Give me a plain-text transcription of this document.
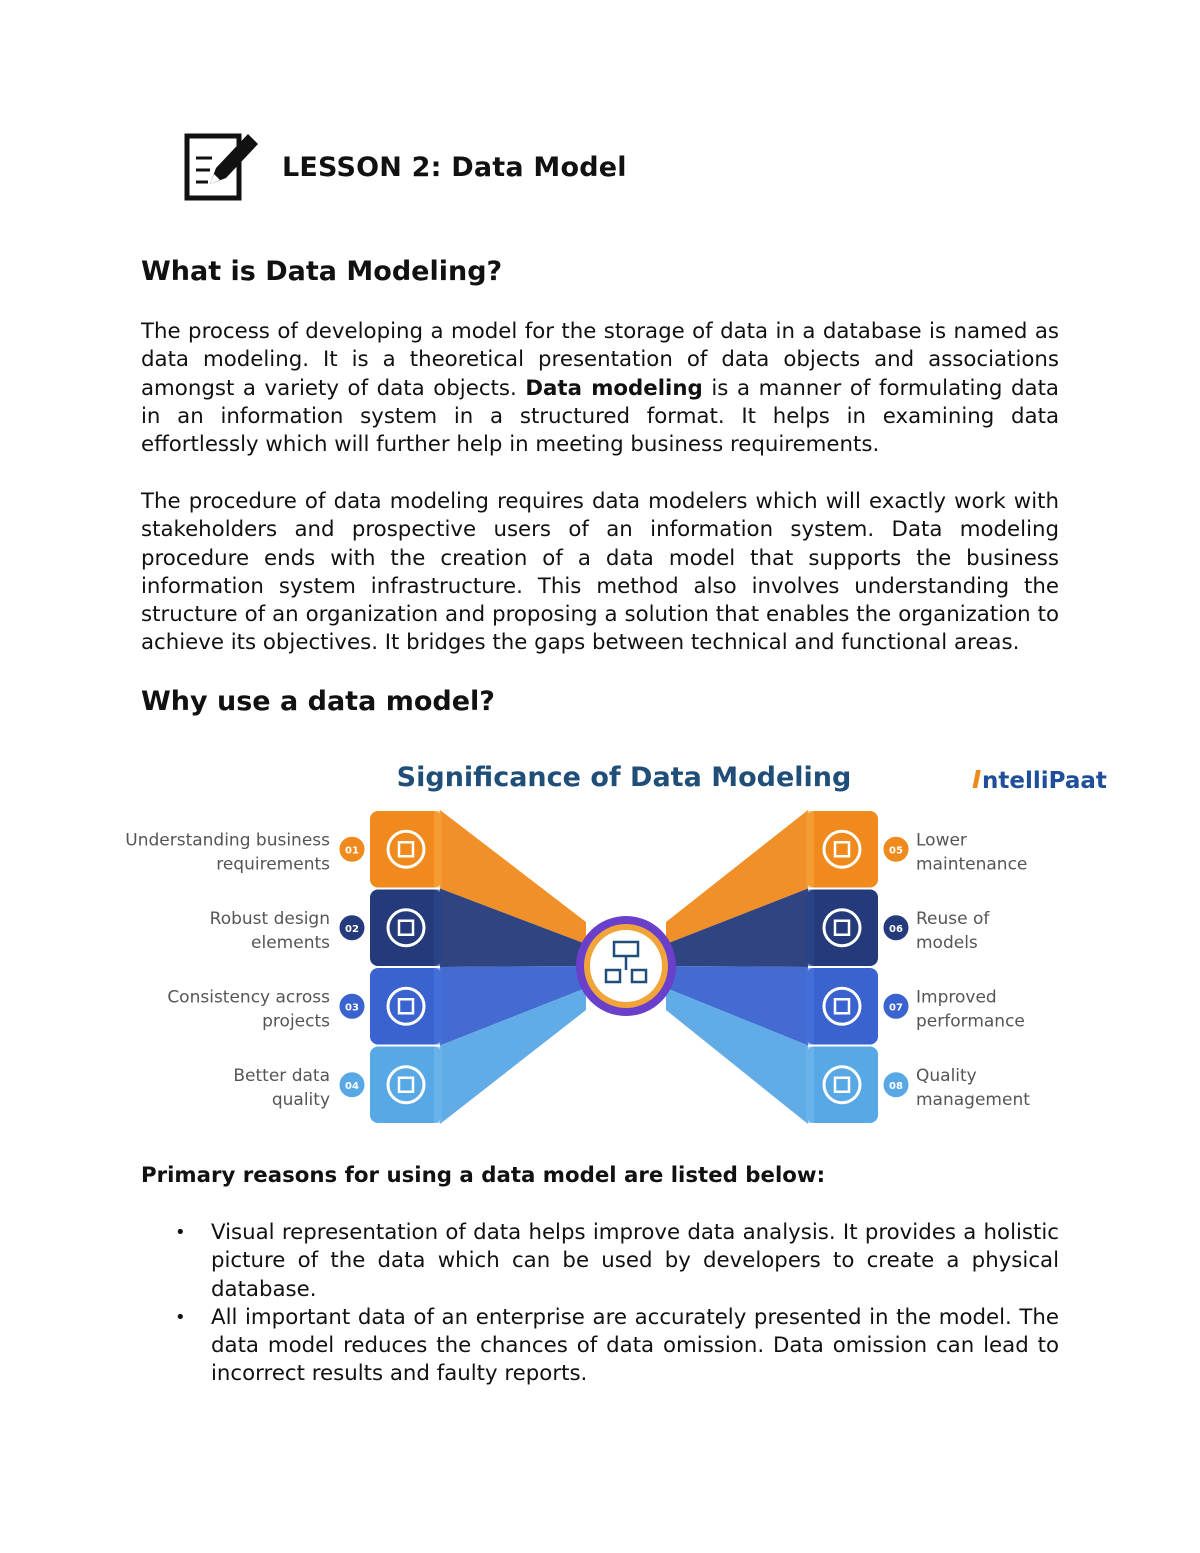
LESSON 2: Data Model
What is Data Modeling?

The process of developing a model for the storage of data in a database is named as data modeling. It is a theoretical presentation of data objects and associations amongst a variety of data objects. Data modeling is a manner of formulating data in an information system in a structured format. It helps in examining data effortlessly which will further help in meeting business requirements.

The procedure of data modeling requires data modelers which will exactly work with stakeholders and prospective users of an information system. Data modeling procedure ends with the creation of a data model that supports the business information system infrastructure. This method also involves understanding the structure of an organization and proposing a solution that enables the organization to achieve its objectives. It bridges the gaps between technical and functional areas.

Why use a data model?
Significance of Data Modeling	I ntelliPaat
01
Understanding business
requirements
02
Robust design
elements
03
Consistency across
projects
04
Better data
quality
05
Lower
maintenance
06
Reuse of
models
07
Improved
performance
08
Quality
management
Primary reasons for using a data model are listed below:
• Visual representation of data helps improve data analysis. It provides a holistic picture of the data which can be used by developers to create a physical database.
• All important data of an enterprise are accurately presented in the model. The data model reduces the chances of data omission. Data omission can lead to incorrect results and faulty reports.
